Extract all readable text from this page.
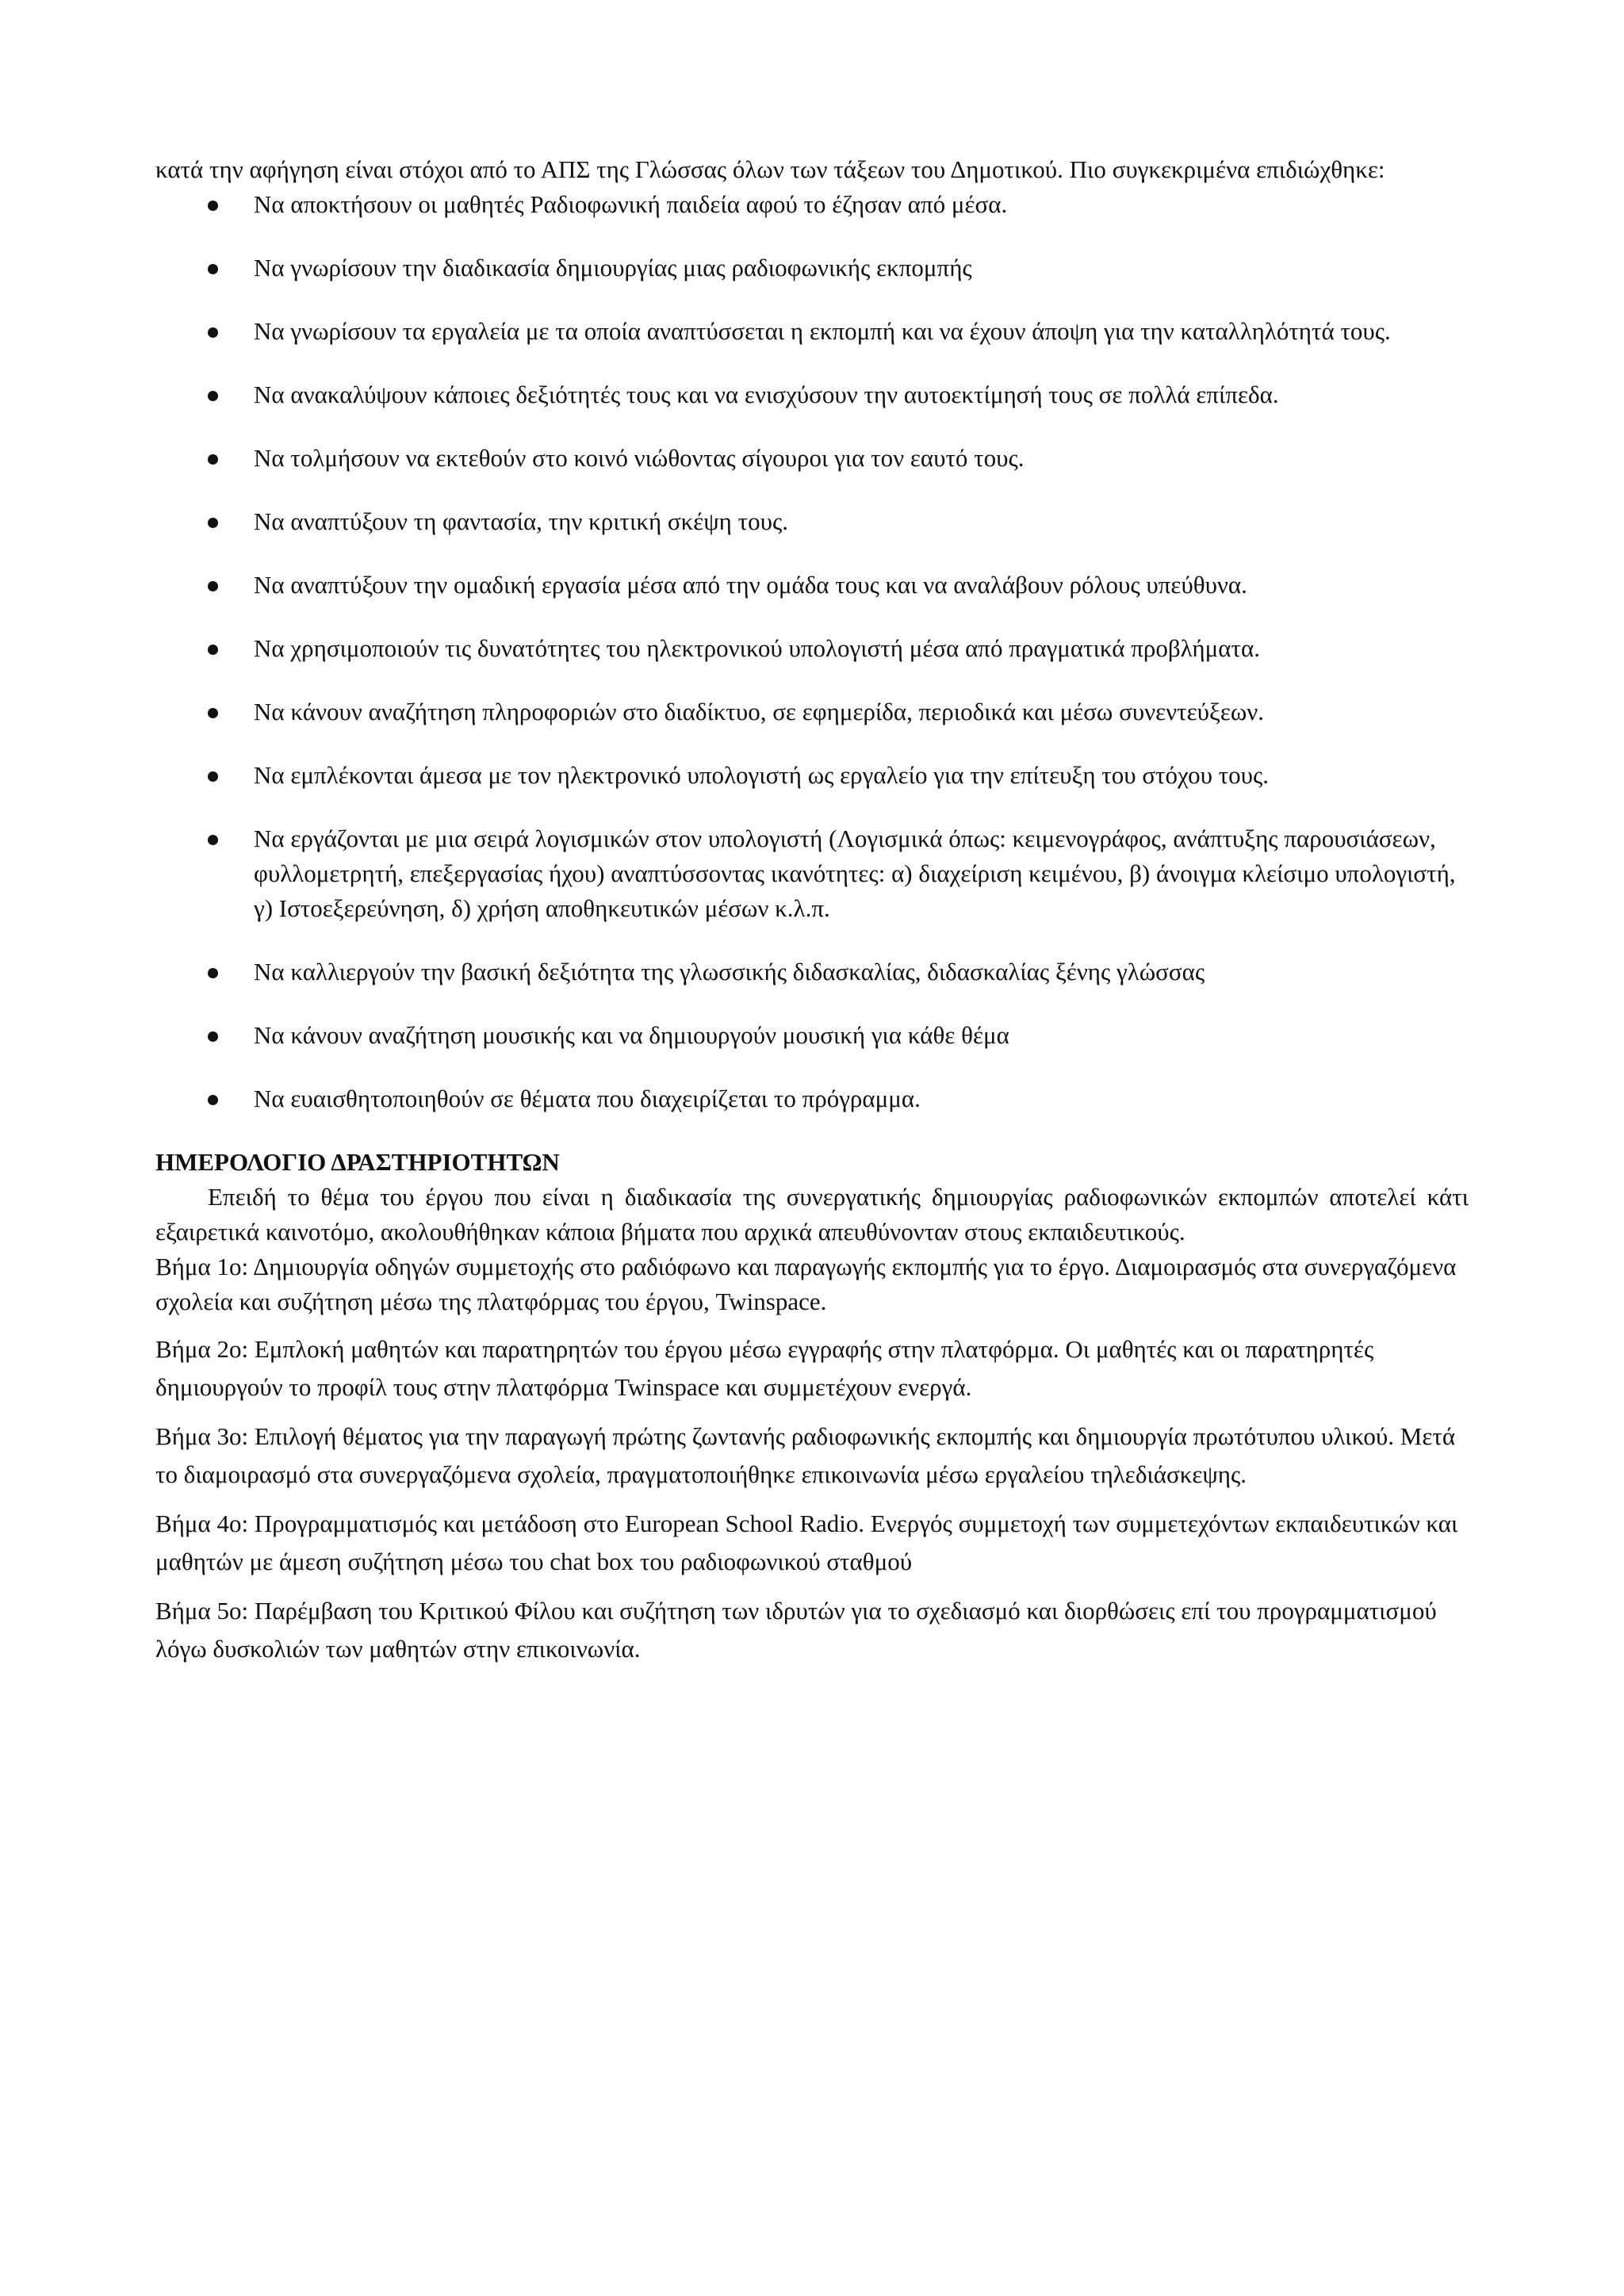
κατά την αφήγηση είναι στόχοι από το ΑΠΣ της Γλώσσας όλων των τάξεων του Δημοτικού. Πιο συγκεκριμένα επιδιώχθηκε:

Να αποκτήσουν οι μαθητές Ραδιοφωνική παιδεία αφού το έζησαν από μέσα.
Να γνωρίσουν την διαδικασία δημιουργίας μιας ραδιοφωνικής εκπομπής
Να γνωρίσουν τα εργαλεία με τα οποία αναπτύσσεται η εκπομπή και να έχουν άποψη για την καταλληλότητά τους.
Να ανακαλύψουν κάποιες δεξιότητές τους και να ενισχύσουν την αυτοεκτίμησή τους σε πολλά επίπεδα.
Να τολμήσουν να εκτεθούν στο κοινό νιώθοντας σίγουροι για τον εαυτό τους.
Να αναπτύξουν τη φαντασία, την κριτική σκέψη τους.
Να αναπτύξουν την ομαδική εργασία μέσα από την ομάδα τους και να αναλάβουν ρόλους υπεύθυνα.
Να χρησιμοποιούν τις δυνατότητες του ηλεκτρονικού υπολογιστή μέσα από πραγματικά προβλήματα.
Να κάνουν αναζήτηση πληροφοριών στο διαδίκτυο, σε εφημερίδα, περιοδικά και μέσω συνεντεύξεων.
Να εμπλέκονται άμεσα με τον ηλεκτρονικό υπολογιστή ως εργαλείο για την επίτευξη του στόχου τους.
Να εργάζονται με μια σειρά λογισμικών στον υπολογιστή (Λογισμικά όπως: κειμενογράφος, ανάπτυξης παρουσιάσεων, φυλλομετρητή, επεξεργασίας ήχου) αναπτύσσοντας ικανότητες: α) διαχείριση κειμένου, β) άνοιγμα κλείσιμο υπολογιστή, γ) Ιστοεξερεύνηση, δ) χρήση αποθηκευτικών μέσων κ.λ.π.
Να καλλιεργούν την βασική δεξιότητα της γλωσσικής διδασκαλίας, διδασκαλίας ξένης γλώσσας
Να κάνουν αναζήτηση μουσικής και να δημιουργούν μουσική για κάθε θέμα
Να ευαισθητοποιηθούν σε θέματα που διαχειρίζεται το πρόγραμμα.
ΗΜΕΡΟΛΟΓΙΟ ΔΡΑΣΤΗΡΙΟΤΗΤΩΝ

Επειδή το θέμα του έργου που είναι η διαδικασία της συνεργατικής δημιουργίας ραδιοφωνικών εκπομπών αποτελεί κάτι εξαιρετικά καινοτόμο, ακολουθήθηκαν κάποια βήματα που αρχικά απευθύνονταν στους εκπαιδευτικούς.

Βήμα 1ο: Δημιουργία οδηγών συμμετοχής στο ραδιόφωνο και παραγωγής εκπομπής για το έργο. Διαμοιρασμός στα συνεργαζόμενα σχολεία και συζήτηση μέσω της πλατφόρμας του έργου, Twinspace.

Βήμα 2ο: Εμπλοκή μαθητών και παρατηρητών του έργου μέσω εγγραφής στην πλατφόρμα. Οι μαθητές και οι παρατηρητές δημιουργούν το προφίλ τους στην πλατφόρμα Twinspace και συμμετέχουν ενεργά.

Βήμα 3ο: Επιλογή θέματος για την παραγωγή πρώτης ζωντανής ραδιοφωνικής εκπομπής και δημιουργία πρωτότυπου υλικού. Μετά το διαμοιρασμό στα συνεργαζόμενα σχολεία, πραγματοποιήθηκε επικοινωνία μέσω εργαλείου τηλεδιάσκεψης.

Βήμα 4ο: Προγραμματισμός και μετάδοση στο European School Radio. Ενεργός συμμετοχή των συμμετεχόντων εκπαιδευτικών και μαθητών με άμεση συζήτηση μέσω του chat box του ραδιοφωνικού σταθμού

Βήμα 5ο: Παρέμβαση του Κριτικού Φίλου και συζήτηση των ιδρυτών για το σχεδιασμό και διορθώσεις επί του προγραμματισμού λόγω δυσκολιών των μαθητών στην επικοινωνία.
